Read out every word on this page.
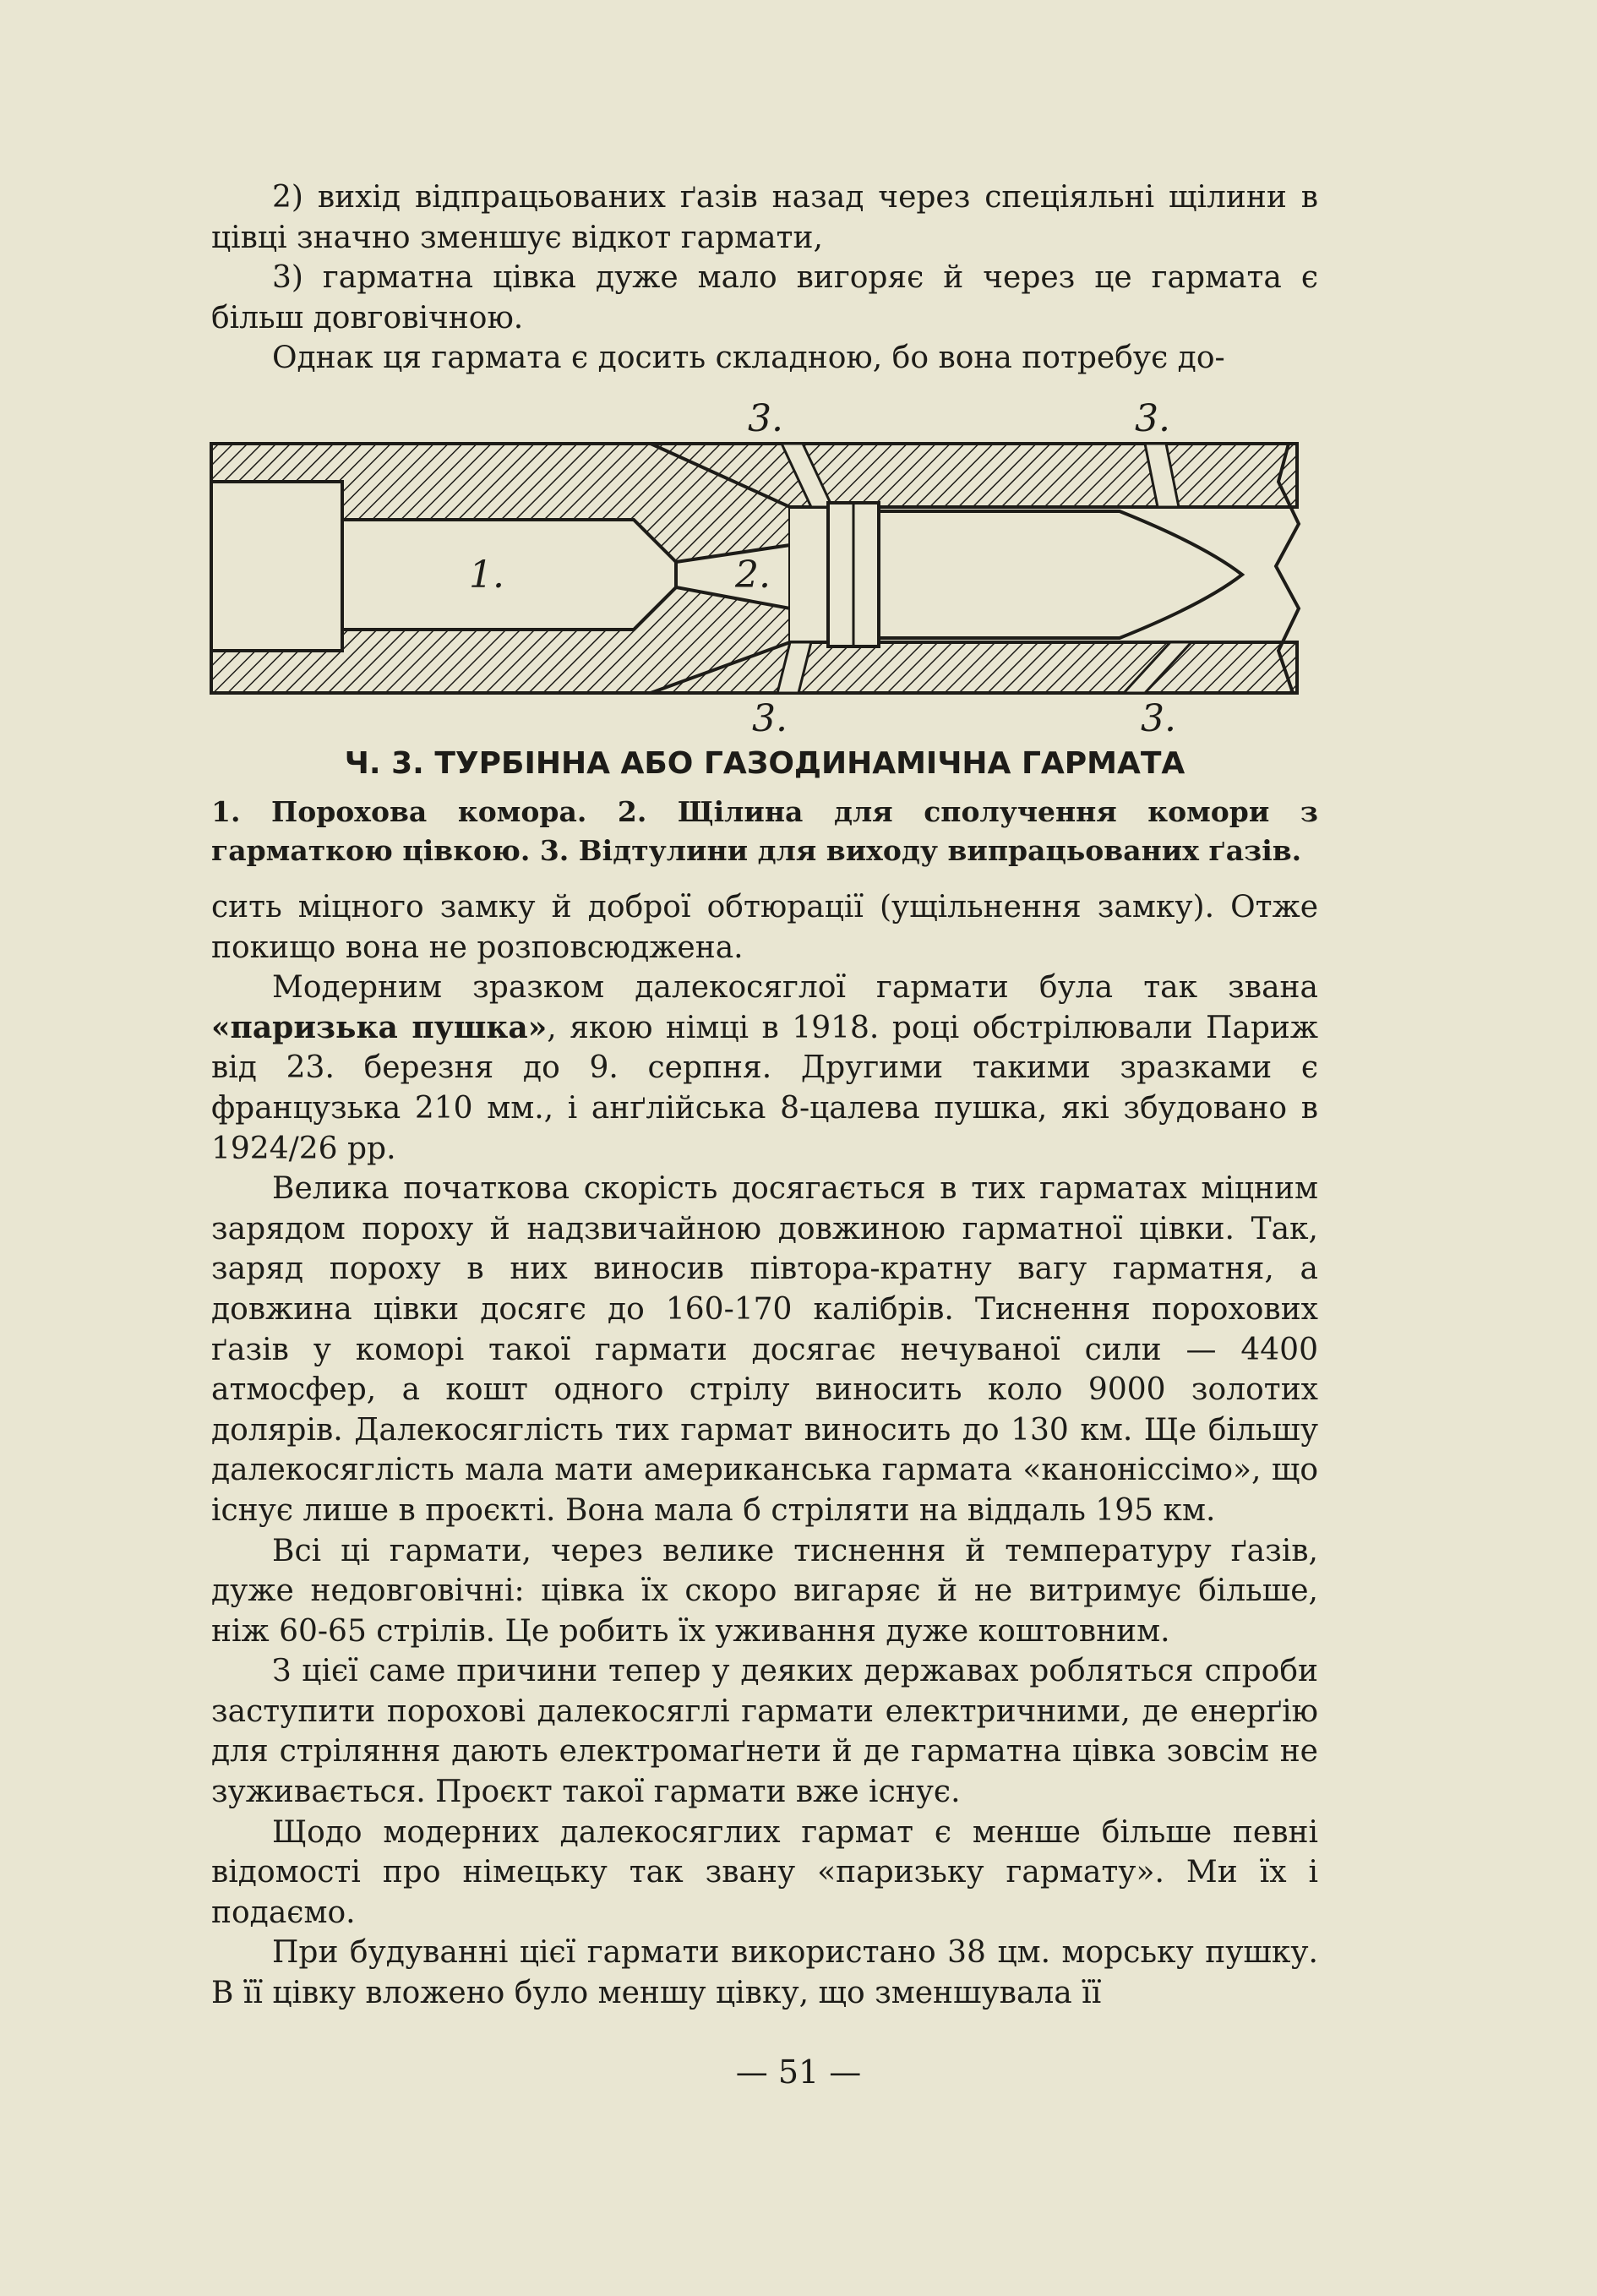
2) вихід відпрацьованих ґазів назад через спеціяльні щілини в цівці значно зменшує відкот гармати,

3) гарматна цівка дуже мало вигоряє й через це гармата є більш довговічною.

Однак ця гармата є досить складною, бо вона потребує до-

1.	2.
3.	3.
3.	3.
Ч. 3. ТУРБІННА АБО ГАЗОДИНАМІЧНА ГАРМАТА
1. Порохова комора. 2. Щілина для сполучення комори з гарматкою цівкою. 3. Відтулини для виходу випрацьованих ґазів.

сить міцного замку й доброї обтюрації (ущільнення замку). Отже покищо вона не розповсюджена.

Модерним зразком далекосяглої гармати була так звана «паризька пушка», якою німці в 1918. році обстрілювали Париж від 23. березня до 9. серпня. Другими такими зразками є французька 210 мм., і анґлійська 8-цалева пушка, які збудовано в 1924/26 рр.

Велика початкова скорість досягається в тих гарматах міцним зарядом пороху й надзвичайною довжиною гарматної цівки. Так, заряд пороху в них виносив півтора-кратну вагу гарматня, а довжина цівки досягє до 160-170 калібрів. Тиснення порохових ґазів у коморі такої гармати досягає нечуваної сили — 4400 атмосфер, а кошт одного стрілу виносить коло 9000 золотих долярів. Далекосяглість тих гармат виносить до 130 км. Ще більшу далекосяглість мала мати американська гармата «каноніссімо», що існує лише в проєкті. Вона мала б стріляти на віддаль 195 км.

Всі ці гармати, через велике тиснення й температуру ґазів, дуже недовговічні: цівка їх скоро вигаряє й не витримує більше, ніж 60-65 стрілів. Це робить їх уживання дуже коштовним.

З цієї саме причини тепер у деяких державах робляться спроби заступити порохові далекосяглі гармати електричними, де енерґію для стріляння дають електромаґнети й де гарматна цівка зовсім не зуживається. Проєкт такої гармати вже існує.

Щодо модерних далекосяглих гармат є менше більше певні відомості про німецьку так звану «паризьку гармату». Ми їх і подаємо.

При будуванні цієї гармати використано 38 цм. морську пушку. В її цівку вложено було меншу цівку, що зменшувала її

— 51 —
